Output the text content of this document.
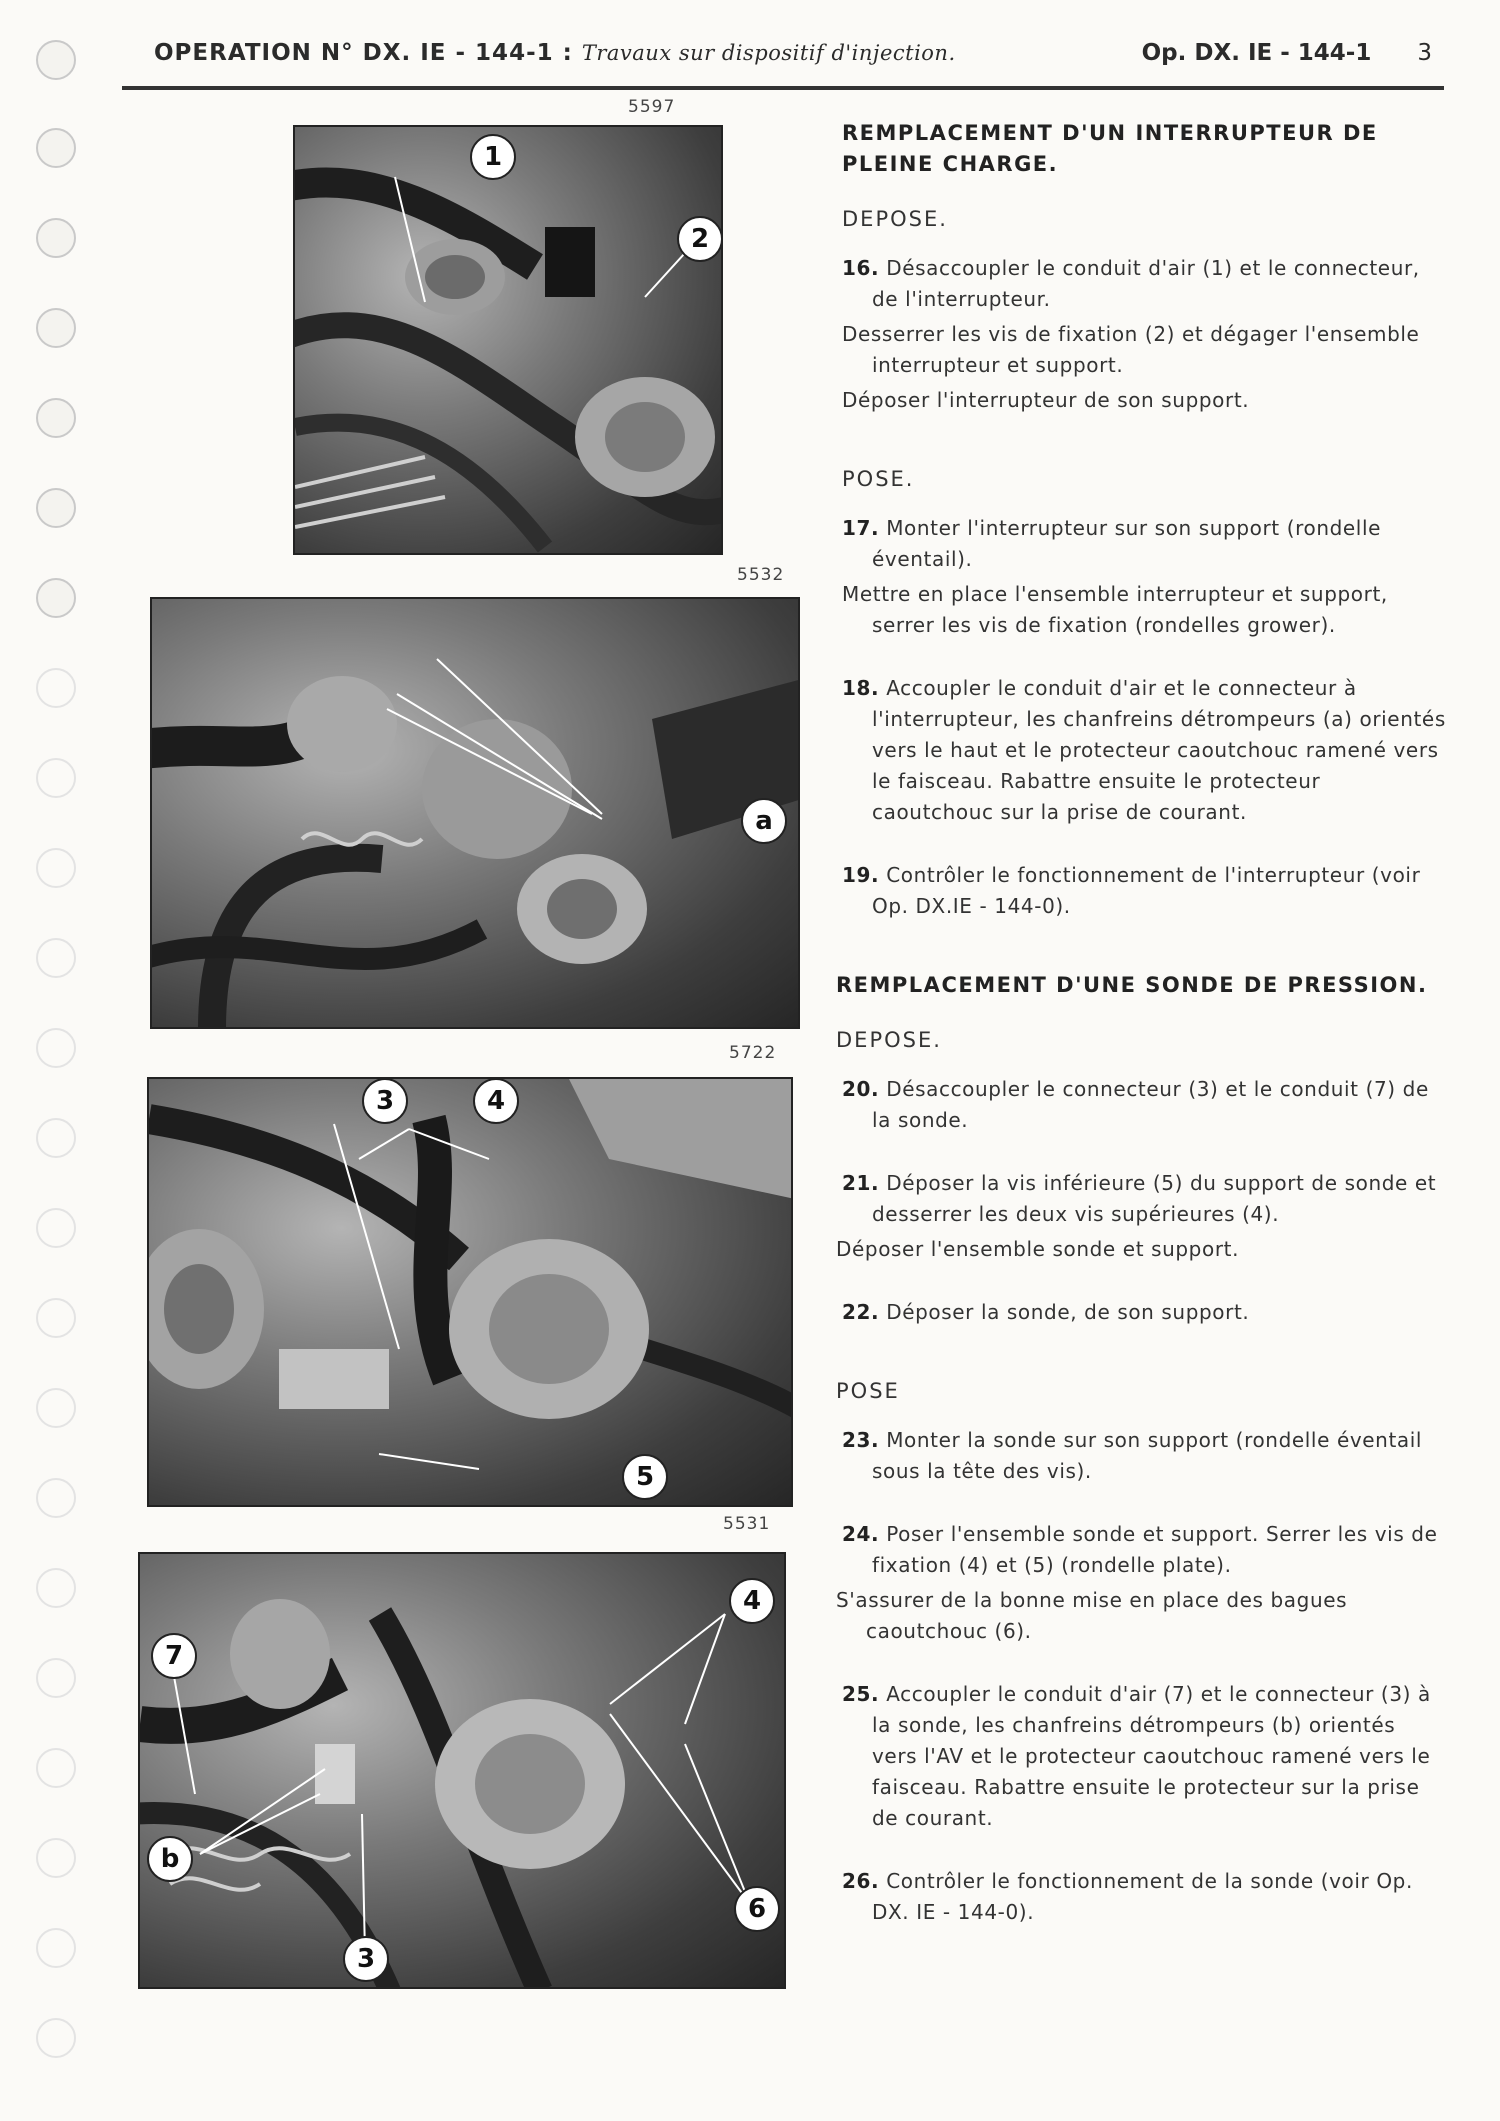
OPERATION N° DX. IE - 144-1 : Travaux sur dispositif d'injection.	Op. DX. IE - 144-1 3
5597
1
2
5532
a
5722
3	4
5
5531
4
7
b
6
3
REMPLACEMENT D'UN INTERRUPTEUR DE PLEINE CHARGE.
DEPOSE.
16. Désaccoupler le conduit d'air (1) et le connecteur, de l'interrupteur.
Desserrer les vis de fixation (2) et dégager l'ensemble interrupteur et support.
Déposer l'interrupteur de son support.
POSE.
17. Monter l'interrupteur sur son support (rondelle éventail).
Mettre en place l'ensemble interrupteur et support, serrer les vis de fixation (rondelles grower).
18. Accoupler le conduit d'air et le connecteur à l'interrupteur, les chanfreins détrompeurs (a) orientés vers le haut et le protecteur caoutchouc ramené vers le faisceau. Rabattre ensuite le protecteur caoutchouc sur la prise de courant.
19. Contrôler le fonctionnement de l'interrupteur (voir Op. DX.IE - 144-0).
REMPLACEMENT D'UNE SONDE DE PRESSION.
DEPOSE.
20. Désaccoupler le connecteur (3) et le conduit (7) de la sonde.
21. Déposer la vis inférieure (5) du support de sonde et desserrer les deux vis supérieures (4).
Déposer l'ensemble sonde et support.
22. Déposer la sonde, de son support.
POSE
23. Monter la sonde sur son support (rondelle éventail sous la tête des vis).
24. Poser l'ensemble sonde et support. Serrer les vis de fixation (4) et (5) (rondelle plate).
S'assurer de la bonne mise en place des bagues caoutchouc (6).
25. Accoupler le conduit d'air (7) et le connecteur (3) à la sonde, les chanfreins détrompeurs (b) orientés vers l'AV et le protecteur caoutchouc ramené vers le faisceau. Rabattre ensuite le protecteur sur la prise de courant.
26. Contrôler le fonctionnement de la sonde (voir Op. DX. IE - 144-0).
